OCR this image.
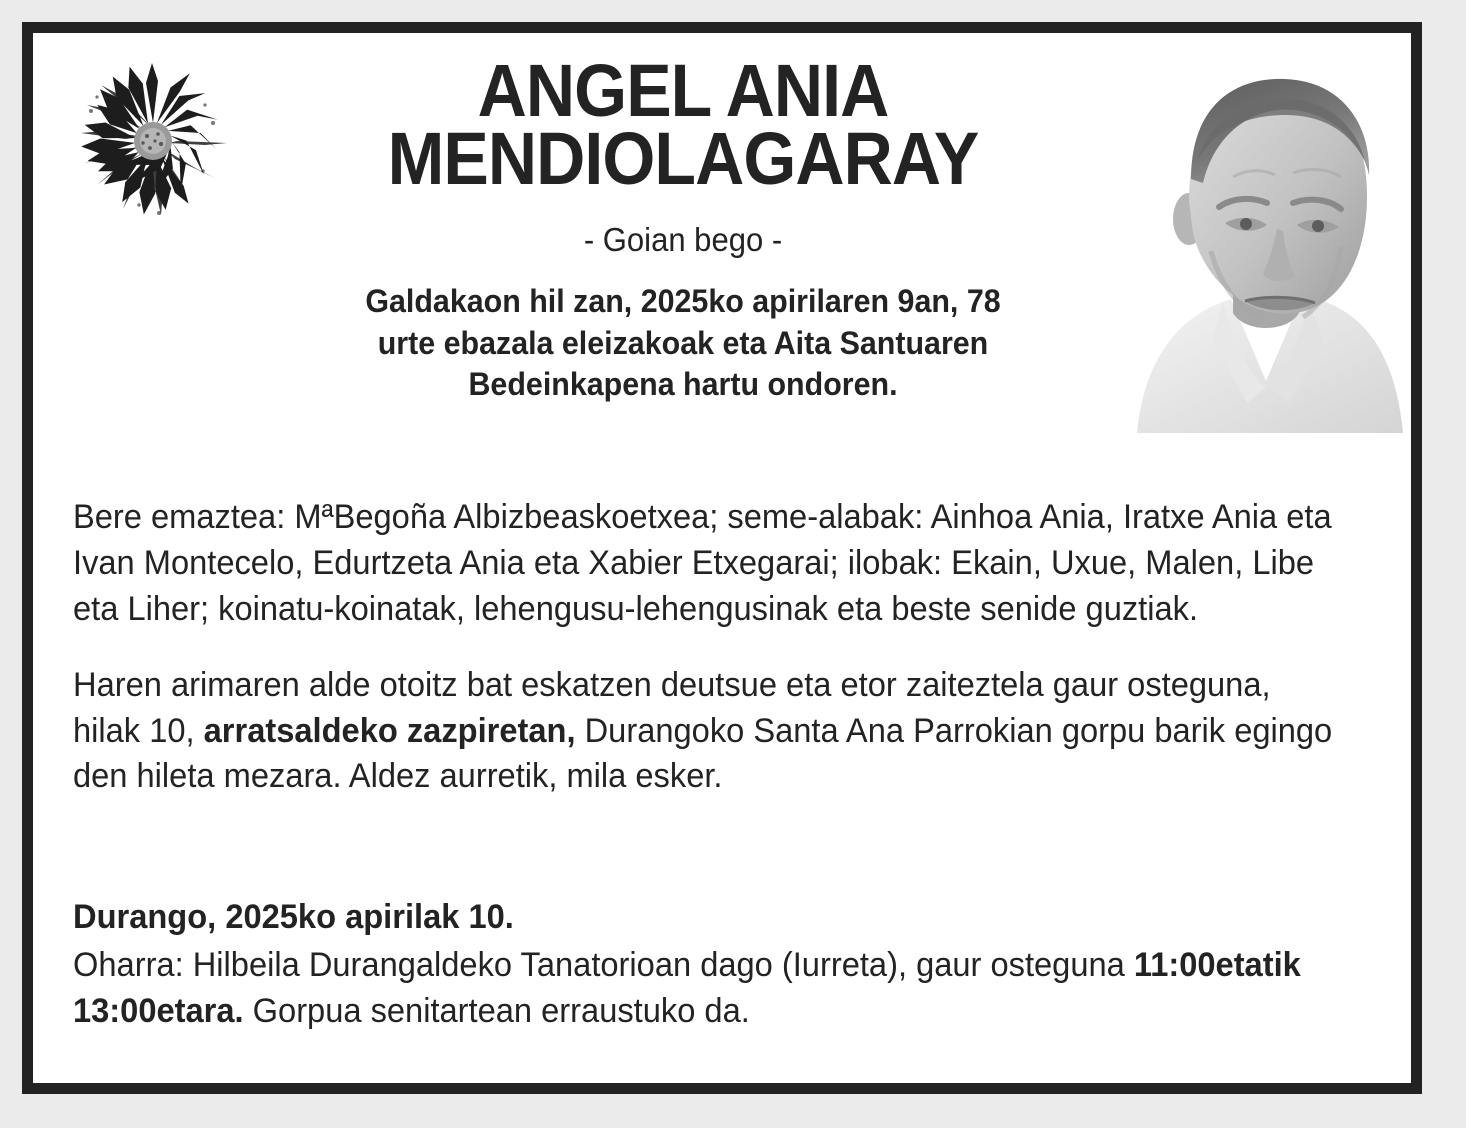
ANGEL ANIA
MENDIOLAGARAY
- Goian bego -
Galdakaon hil zan, 2025ko apirilaren 9an, 78
urte ebazala eleizakoak eta Aita Santuaren
Bedeinkapena hartu ondoren.

Bere emaztea: MªBegoña Albizbeaskoetxea; seme-alabak: Ainhoa Ania, Iratxe Ania eta Ivan Montecelo, Edurtzeta Ania eta Xabier Etxegarai; ilobak: Ekain, Uxue, Malen, Libe eta Liher; koinatu-koinatak, lehengusu-lehengusinak eta beste senide guztiak.

Haren arimaren alde otoitz bat eskatzen deutsue eta etor zaiteztela gaur osteguna, hilak 10, arratsaldeko zazpiretan, Durangoko Santa Ana Parrokian gorpu barik egingo den hileta mezara. Aldez aurretik, mila esker.

Durango, 2025ko apirilak 10.

Oharra: Hilbeila Durangaldeko Tanatorioan dago (Iurreta), gaur osteguna 11:00etatik 13:00etara. Gorpua senitartean erraustuko da.
